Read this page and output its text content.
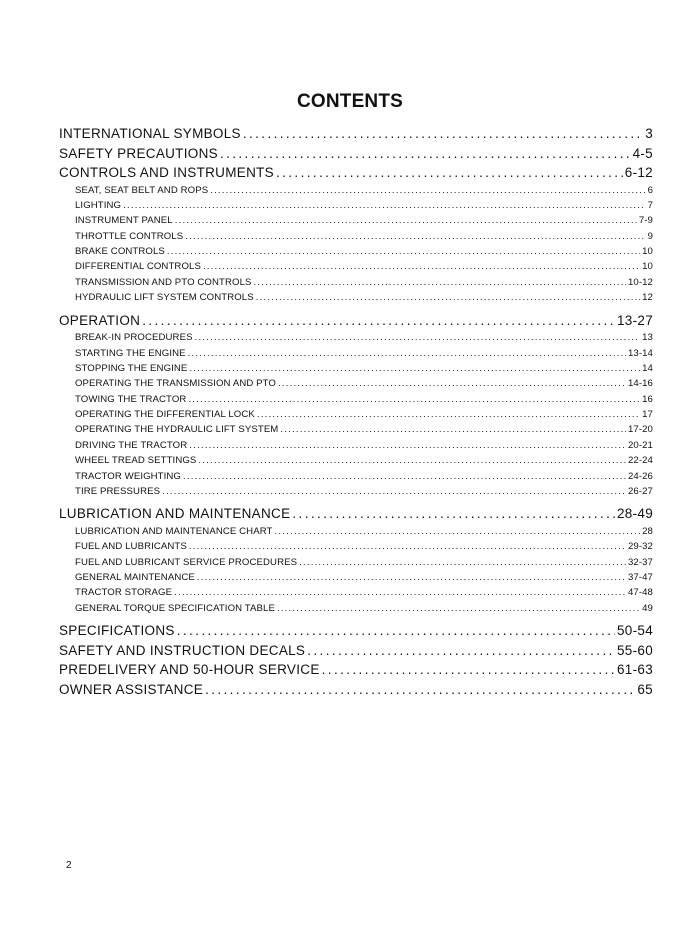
CONTENTS
INTERNATIONAL SYMBOLS .....	3
SAFETY PRECAUTIONS .....	4-5
CONTROLS AND INSTRUMENTS .....	6-12
SEAT, SEAT BELT AND ROPS .....	6
LIGHTING .....	7
INSTRUMENT PANEL .....	7-9
THROTTLE CONTROLS .....	9
BRAKE CONTROLS .....	10
DIFFERENTIAL CONTROLS .....	10
TRANSMISSION AND PTO CONTROLS .....	10-12
HYDRAULIC LIFT SYSTEM CONTROLS .....	12
OPERATION .....	13-27
BREAK-IN PROCEDURES .....	13
STARTING THE ENGINE .....	13-14
STOPPING THE ENGINE .....	14
OPERATING THE TRANSMISSION AND PTO .....	14-16
TOWING THE TRACTOR .....	16
OPERATING THE DIFFERENTIAL LOCK .....	17
OPERATING THE HYDRAULIC LIFT SYSTEM .....	17-20
DRIVING THE TRACTOR .....	20-21
WHEEL TREAD SETTINGS .....	22-24
TRACTOR WEIGHTING .....	24-26
TIRE PRESSURES .....	26-27
LUBRICATION AND MAINTENANCE .....	28-49
LUBRICATION AND MAINTENANCE CHART .....	28
FUEL AND LUBRICANTS .....	29-32
FUEL AND LUBRICANT SERVICE PROCEDURES .....	32-37
GENERAL MAINTENANCE .....	37-47
TRACTOR STORAGE .....	47-48
GENERAL TORQUE SPECIFICATION TABLE .....	49
SPECIFICATIONS .....	50-54
SAFETY AND INSTRUCTION DECALS .....	55-60
PREDELIVERY AND 50-HOUR SERVICE .....	61-63
OWNER ASSISTANCE .....	65
2
